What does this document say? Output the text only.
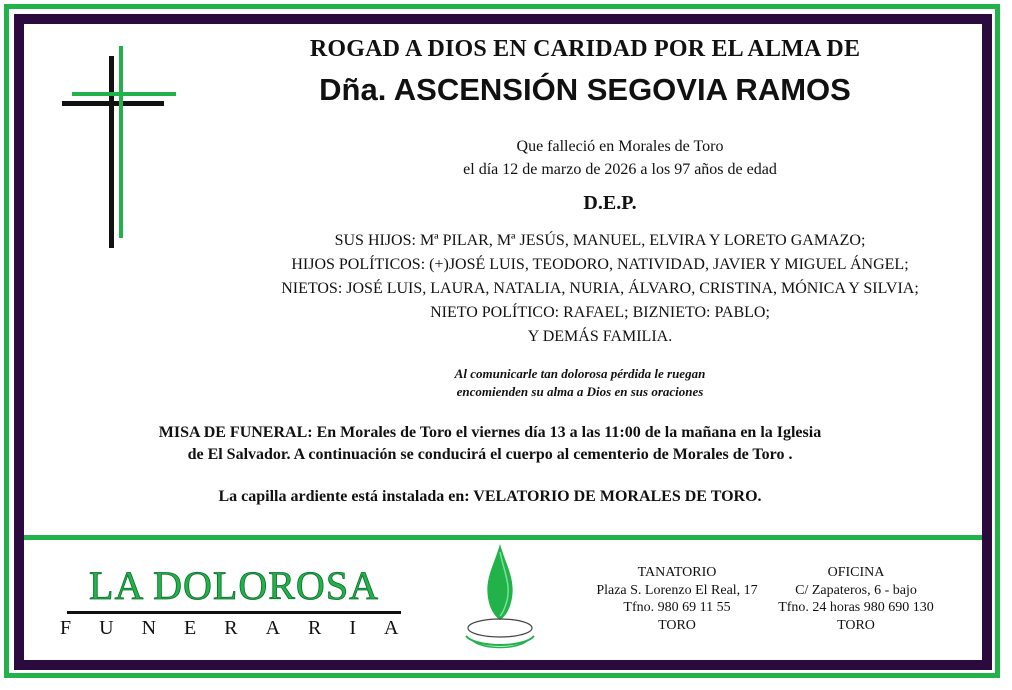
ROGAD A DIOS EN CARIDAD POR EL ALMA DE
Dña. ASCENSIÓN SEGOVIA RAMOS
Que falleció en Morales de Toro
el día 12 de marzo de 2026 a los 97 años de edad
D.E.P.
SUS HIJOS: Mª PILAR, Mª JESÚS, MANUEL, ELVIRA Y LORETO GAMAZO;
HIJOS POLÍTICOS: (+)JOSÉ LUIS, TEODORO, NATIVIDAD, JAVIER Y MIGUEL ÁNGEL;
NIETOS: JOSÉ LUIS, LAURA, NATALIA, NURIA, ÁLVARO, CRISTINA, MÓNICA Y SILVIA;
NIETO POLÍTICO: RAFAEL; BIZNIETO: PABLO;
Y DEMÁS FAMILIA.
Al comunicarle tan dolorosa pérdida le ruegan
encomienden su alma a Dios en sus oraciones
MISA DE FUNERAL: En Morales de Toro el viernes día 13 a las 11:00 de la mañana en la Iglesia
de El Salvador. A continuación se conducirá el cuerpo al cementerio de Morales de Toro .
La capilla ardiente está instalada en: VELATORIO DE MORALES DE TORO.
LA DOLOROSA
FUNERARIA
TANATORIO
Plaza S. Lorenzo El Real, 17
Tfno. 980 69 11 55
TORO
OFICINA
C/ Zapateros, 6 - bajo
Tfno. 24 horas 980 690 130
TORO
